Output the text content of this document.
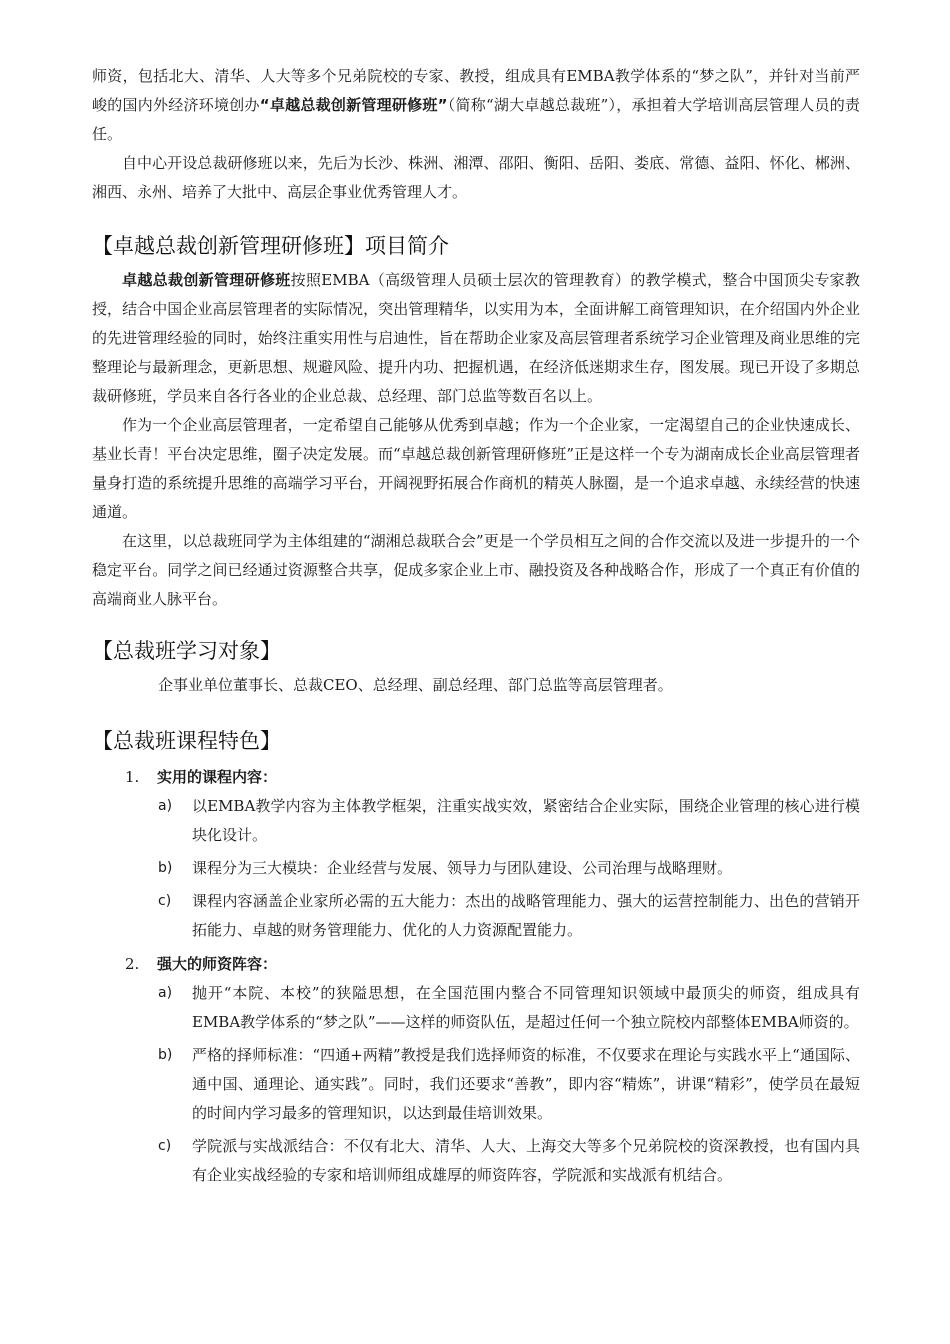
师资，包括北大、清华、人大等多个兄弟院校的专家、教授，组成具有EMBA教学体系的“梦之队”，并针对当前严峻的国内外经济环境创办“卓越总裁创新管理研修班”（简称“湖大卓越总裁班”），承担着大学培训高层管理人员的责任。

自中心开设总裁研修班以来，先后为长沙、株洲、湘潭、邵阳、衡阳、岳阳、娄底、常德、益阳、怀化、郴洲、湘西、永州、培养了大批中、高层企事业优秀管理人才。

【卓越总裁创新管理研修班】项目简介

卓越总裁创新管理研修班按照EMBA（高级管理人员硕士层次的管理教育）的教学模式，整合中国顶尖专家教授，结合中国企业高层管理者的实际情况，突出管理精华，以实用为本，全面讲解工商管理知识，在介绍国内外企业的先进管理经验的同时，始终注重实用性与启迪性，旨在帮助企业家及高层管理者系统学习企业管理及商业思维的完整理论与最新理念，更新思想、规避风险、提升内功、把握机遇，在经济低迷期求生存，图发展。现已开设了多期总裁研修班，学员来自各行各业的企业总裁、总经理、部门总监等数百名以上。

作为一个企业高层管理者，一定希望自己能够从优秀到卓越；作为一个企业家，一定渴望自己的企业快速成长、基业长青！平台决定思维，圈子决定发展。而“卓越总裁创新管理研修班”正是这样一个专为湖南成长企业高层管理者量身打造的系统提升思维的高端学习平台，开阔视野拓展合作商机的精英人脉圈，是一个追求卓越、永续经营的快速通道。

在这里，以总裁班同学为主体组建的“湖湘总裁联合会”更是一个学员相互之间的合作交流以及进一步提升的一个稳定平台。同学之间已经通过资源整合共享，促成多家企业上市、融投资及各种战略合作，形成了一个真正有价值的高端商业人脉平台。

【总裁班学习对象】

企事业单位董事长、总裁CEO、总经理、副总经理、部门总监等高层管理者。

【总裁班课程特色】
1.	实用的课程内容：
a)	以EMBA教学内容为主体教学框架，注重实战实效，紧密结合企业实际，围绕企业管理的核心进行模块化设计。
b)	课程分为三大模块：企业经营与发展、领导力与团队建设、公司治理与战略理财。
c)	课程内容涵盖企业家所必需的五大能力：杰出的战略管理能力、强大的运营控制能力、出色的营销开拓能力、卓越的财务管理能力、优化的人力资源配置能力。
2.	强大的师资阵容：
a)	抛开“本院、本校”的狭隘思想，在全国范围内整合不同管理知识领域中最顶尖的师资，组成具有EMBA教学体系的“梦之队”——这样的师资队伍，是超过任何一个独立院校内部整体EMBA师资的。
b)	严格的择师标准：“四通+两精”教授是我们选择师资的标准，不仅要求在理论与实践水平上“通国际、通中国、通理论、通实践”。同时，我们还要求“善教”，即内容“精炼”，讲课“精彩”，使学员在最短的时间内学习最多的管理知识，以达到最佳培训效果。
c)	学院派与实战派结合：不仅有北大、清华、人大、上海交大等多个兄弟院校的资深教授，也有国内具有企业实战经验的专家和培训师组成雄厚的师资阵容，学院派和实战派有机结合。
